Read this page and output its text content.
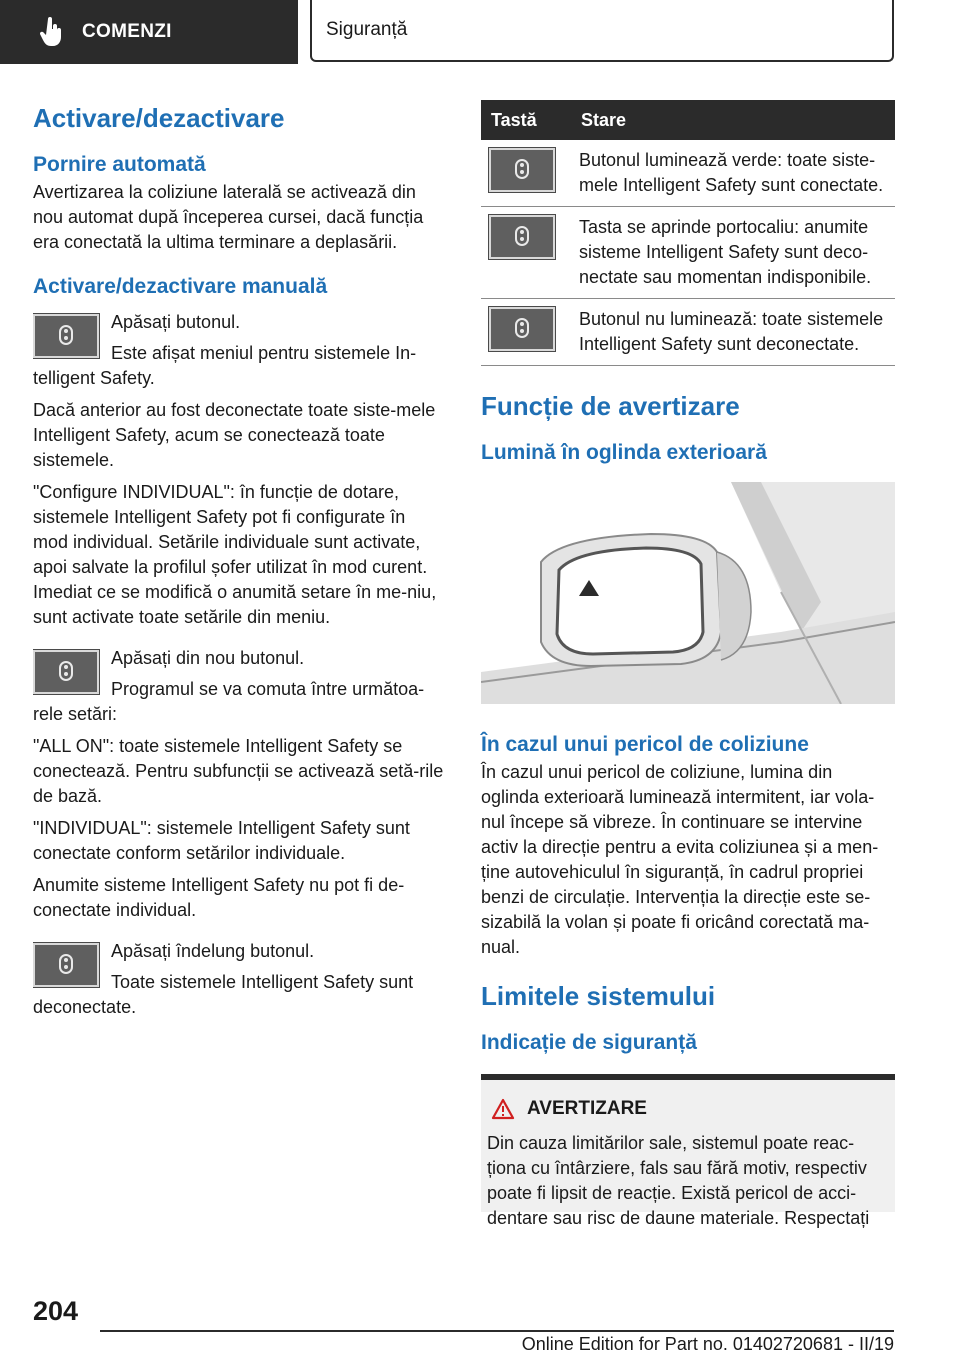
COMENZI	Siguranță
Activare/dezactivare
Pornire automată

Avertizarea la coliziune laterală se activează din nou automat după începerea cursei, dacă funcția era conectată la ultima terminare a deplasării.

Activare/dezactivare manuală

Apăsați butonul.

Este afișat meniul pentru sistemele In-telligent Safety.

Dacă anterior au fost deconectate toate siste-mele Intelligent Safety, acum se conectează toate sistemele.

"Configure INDIVIDUAL": în funcție de dotare, sistemele Intelligent Safety pot fi configurate în mod individual. Setările individuale sunt activate, apoi salvate la profilul șofer utilizat în mod curent. Imediat ce se modifică o anumită setare în me-niu, sunt activate toate setările din meniu.

Apăsați din nou butonul.

Programul se va comuta între următoa-rele setări:

"ALL ON": toate sistemele Intelligent Safety se conectează. Pentru subfuncții se activează setă-rile de bază.

"INDIVIDUAL": sistemele Intelligent Safety sunt conectate conform setărilor individuale.

Anumite sisteme Intelligent Safety nu pot fi de-conectate individual.

Apăsați îndelung butonul.

Toate sistemele Intelligent Safety sunt deconectate.

Tastă	Stare

	Butonul luminează verde: toate siste-mele Intelligent Safety sunt conectate.

	Tasta se aprinde portocaliu: anumite sisteme Intelligent Safety sunt deco-nectate sau momentan indisponibile.

	Butonul nu luminează: toate sistemele Intelligent Safety sunt deconectate.
Funcție de avertizare
Lumină în oglinda exterioară
În cazul unui pericol de coliziune

În cazul unui pericol de coliziune, lumina din oglinda exterioară luminează intermitent, iar vola-nul începe să vibreze. În continuare se intervine activ la direcție pentru a evita coliziunea și a men-ține autovehiculul în siguranță, în cadrul propriei benzi de circulație. Intervenția la direcție este se-sizabilă la volan și poate fi oricând corectată ma-nual.

Limitele sistemului
Indicație de siguranță
AVERTIZARE

Din cauza limitărilor sale, sistemul poate reac-ționa cu întârziere, fals sau fără motiv, respectiv poate fi lipsit de reacție. Există pericol de acci-dentare sau risc de daune materiale. Respectați

204
Online Edition for Part no. 01402720681 - II/19
